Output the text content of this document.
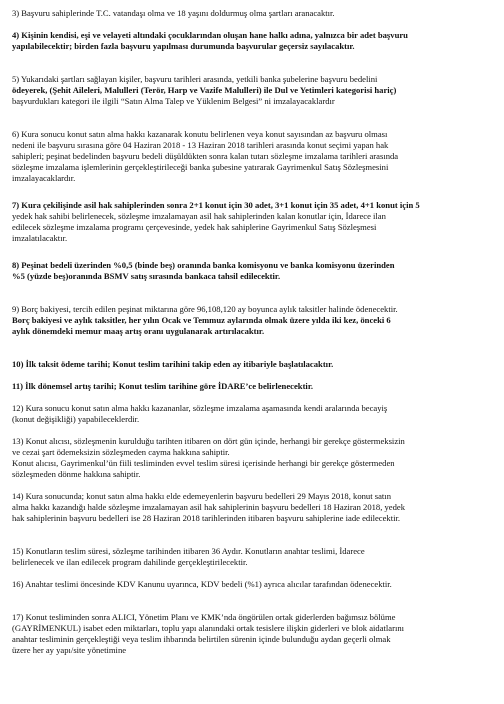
3) Başvuru sahiplerinde T.C. vatandaşı olma ve 18 yaşını doldurmuş olma şartları aranacaktır.
4) Kişinin kendisi, eşi ve velayeti altındaki çocuklarından oluşan hane halkı adına, yalnızca bir adet başvuru
yapılabilecektir; birden fazla başvuru yapılması durumunda başvurular geçersiz sayılacaktır.
5) Yukarıdaki şartları sağlayan kişiler, başvuru tarihleri arasında, yetkili banka şubelerine başvuru bedelini
ödeyerek, (Şehit Aileleri, Malulleri (Terör, Harp ve Vazife Malulleri) ile Dul ve Yetimleri kategorisi hariç)
başvurdukları kategori ile ilgili “Satın Alma Talep ve Yüklenim Belgesi” ni imzalayacaklardır
6) Kura sonucu konut satın alma hakkı kazanarak konutu belirlenen veya konut sayısından az başvuru olması
nedeni ile başvuru sırasına göre 04 Haziran 2018 - 13 Haziran 2018 tarihleri arasında konut seçimi yapan hak
sahipleri; peşinat bedelinden başvuru bedeli düşüldükten sonra kalan tutarı sözleşme imzalama tarihleri arasında
sözleşme imzalama işlemlerinin gerçekleştirileceği banka şubesine yatırarak Gayrimenkul Satış Sözleşmesini
imzalayacaklardır.
7) Kura çekilişinde asil hak sahiplerinden sonra 2+1 konut için 30 adet, 3+1 konut için 35 adet, 4+1 konut için 5
yedek hak sahibi belirlenecek, sözleşme imzalamayan asil hak sahiplerinden kalan konutlar için, İdarece ilan
edilecek sözleşme imzalama programı çerçevesinde, yedek hak sahiplerine Gayrimenkul Satış Sözleşmesi
imzalatılacaktır.
8) Peşinat bedeli üzerinden %0,5 (binde beş) oranında banka komisyonu ve banka komisyonu üzerinden
%5 (yüzde beş)oranında BSMV satış sırasında bankaca tahsil edilecektir.
9) Borç bakiyesi, tercih edilen peşinat miktarına göre 96,108,120 ay boyunca aylık taksitler halinde ödenecektir.
Borç bakiyesi ve aylık taksitler, her yılın Ocak ve Temmuz aylarında olmak üzere yılda iki kez, önceki 6
aylık dönemdeki memur maaş artış oranı uygulanarak artırılacaktır.
10) İlk taksit ödeme tarihi; Konut teslim tarihini takip eden ay itibariyle başlatılacaktır.
11) İlk dönemsel artış tarihi; Konut teslim tarihine göre İDARE’ce belirlenecektir.
12) Kura sonucu konut satın alma hakkı kazananlar, sözleşme imzalama aşamasında kendi aralarında becayiş
(konut değişikliği) yapabileceklerdir.
13) Konut alıcısı, sözleşmenin kurulduğu tarihten itibaren on dört gün içinde, herhangi bir gerekçe göstermeksizin
ve cezai şart ödemeksizin sözleşmeden cayma hakkına sahiptir.
Konut alıcısı, Gayrimenkul’ün fiili tesliminden evvel teslim süresi içerisinde herhangi bir gerekçe göstermeden
sözleşmeden dönme hakkına sahiptir.
14) Kura sonucunda; konut satın alma hakkı elde edemeyenlerin başvuru bedelleri 29 Mayıs 2018, konut satın
alma hakkı kazandığı halde sözleşme imzalamayan asil hak sahiplerinin başvuru bedelleri 18 Haziran 2018, yedek
hak sahiplerinin başvuru bedelleri ise 28 Haziran 2018 tarihlerinden itibaren başvuru sahiplerine iade edilecektir.
15) Konutların teslim süresi, sözleşme tarihinden itibaren 36 Aydır. Konutların anahtar teslimi, İdarece
belirlenecek ve ilan edilecek program dahilinde gerçekleştirilecektir.
16) Anahtar teslimi öncesinde KDV Kanunu uyarınca, KDV bedeli (%1) ayrıca alıcılar tarafından ödenecektir.
17) Konut tesliminden sonra ALICI, Yönetim Planı ve KMK’nda öngörülen ortak giderlerden bağımsız bölüme
(GAYRİMENKUL) isabet eden miktarları, toplu yapı alanındaki ortak tesislere ilişkin giderleri ve blok aidatlarını
anahtar tesliminin gerçekleştiği veya teslim ihbarında belirtilen sürenin içinde bulunduğu aydan geçerli olmak
üzere her ay yapı/site yönetimine
